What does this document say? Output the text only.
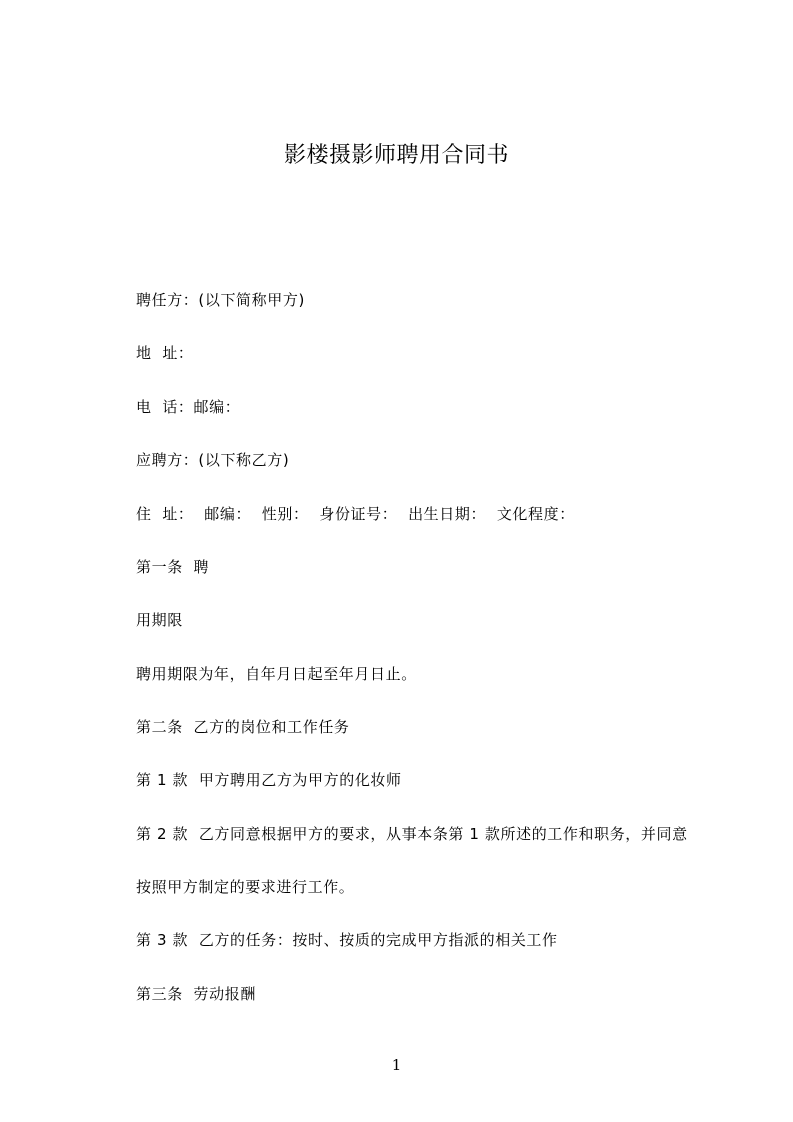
影楼摄影师聘用合同书
聘任方：(以下简称甲方)
地  址：
电  话：邮编：
应聘方：(以下称乙方)
住  址：  邮编：  性别：  身份证号：  出生日期：  文化程度：
第一条  聘
用期限
聘用期限为年，自年月日起至年月日止。
第二条  乙方的岗位和工作任务
第 1 款  甲方聘用乙方为甲方的化妆师
第 2 款  乙方同意根据甲方的要求，从事本条第 1 款所述的工作和职务，并同意
按照甲方制定的要求进行工作。
第 3 款  乙方的任务：按时、按质的完成甲方指派的相关工作
第三条  劳动报酬
1
